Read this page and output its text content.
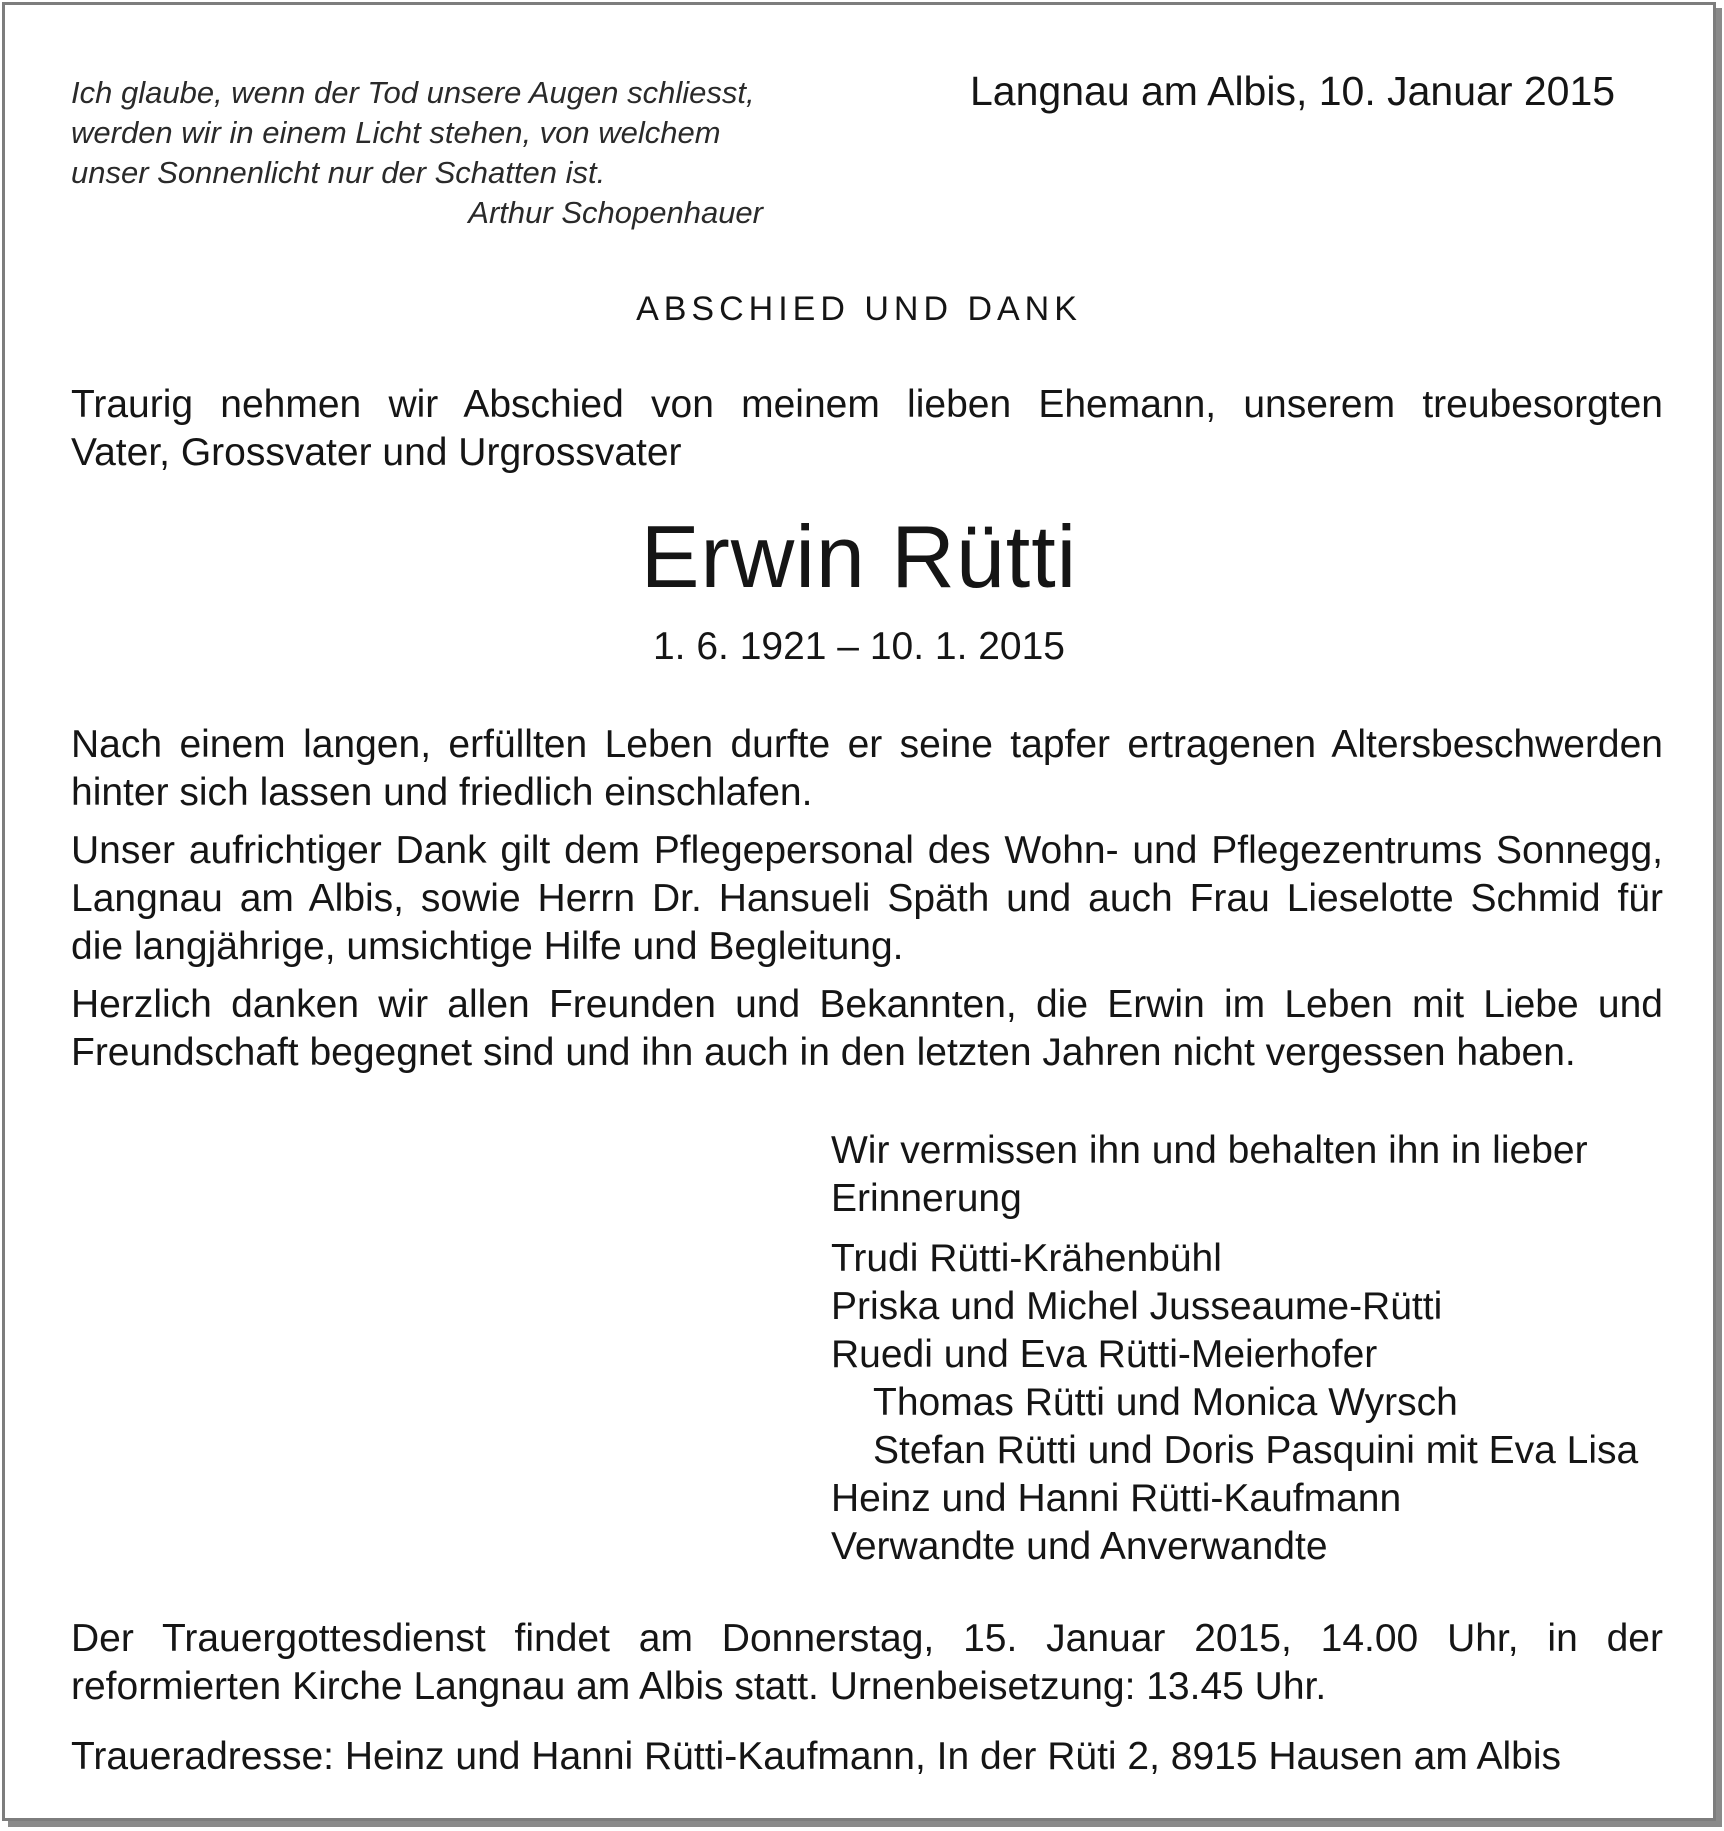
Ich glaube, wenn der Tod unsere Augen schliesst,
werden wir in einem Licht stehen, von welchem
unser Sonnenlicht nur der Schatten ist.
Arthur Schopenhauer
Langnau am Albis, 10. Januar 2015
ABSCHIED UND DANK
Traurig nehmen wir Abschied von meinem lieben Ehemann, unserem treubesorgten
Vater, Grossvater und Urgrossvater
Erwin Rütti
1. 6. 1921 – 10. 1. 2015
Nach einem langen, erfüllten Leben durfte er seine tapfer ertragenen Altersbeschwerden
hinter sich lassen und friedlich einschlafen.
Unser aufrichtiger Dank gilt dem Pflegepersonal des Wohn- und Pflegezentrums Sonnegg,
Langnau am Albis, sowie Herrn Dr. Hansueli Späth und auch Frau Lieselotte Schmid für
die langjährige, umsichtige Hilfe und Begleitung.
Herzlich danken wir allen Freunden und Bekannten, die Erwin im Leben mit Liebe und
Freundschaft begegnet sind und ihn auch in den letzten Jahren nicht vergessen haben.
Wir vermissen ihn und behalten ihn in lieber
Erinnerung
Trudi Rütti-Krähenbühl
Priska und Michel Jusseaume-Rütti
Ruedi und Eva Rütti-Meierhofer
Thomas Rütti und Monica Wyrsch
Stefan Rütti und Doris Pasquini mit Eva Lisa
Heinz und Hanni Rütti-Kaufmann
Verwandte und Anverwandte
Der Trauergottesdienst findet am Donnerstag, 15. Januar 2015, 14.00 Uhr, in der
reformierten Kirche Langnau am Albis statt. Urnenbeisetzung: 13.45 Uhr.
Traueradresse: Heinz und Hanni Rütti-Kaufmann, In der Rüti 2, 8915 Hausen am Albis
